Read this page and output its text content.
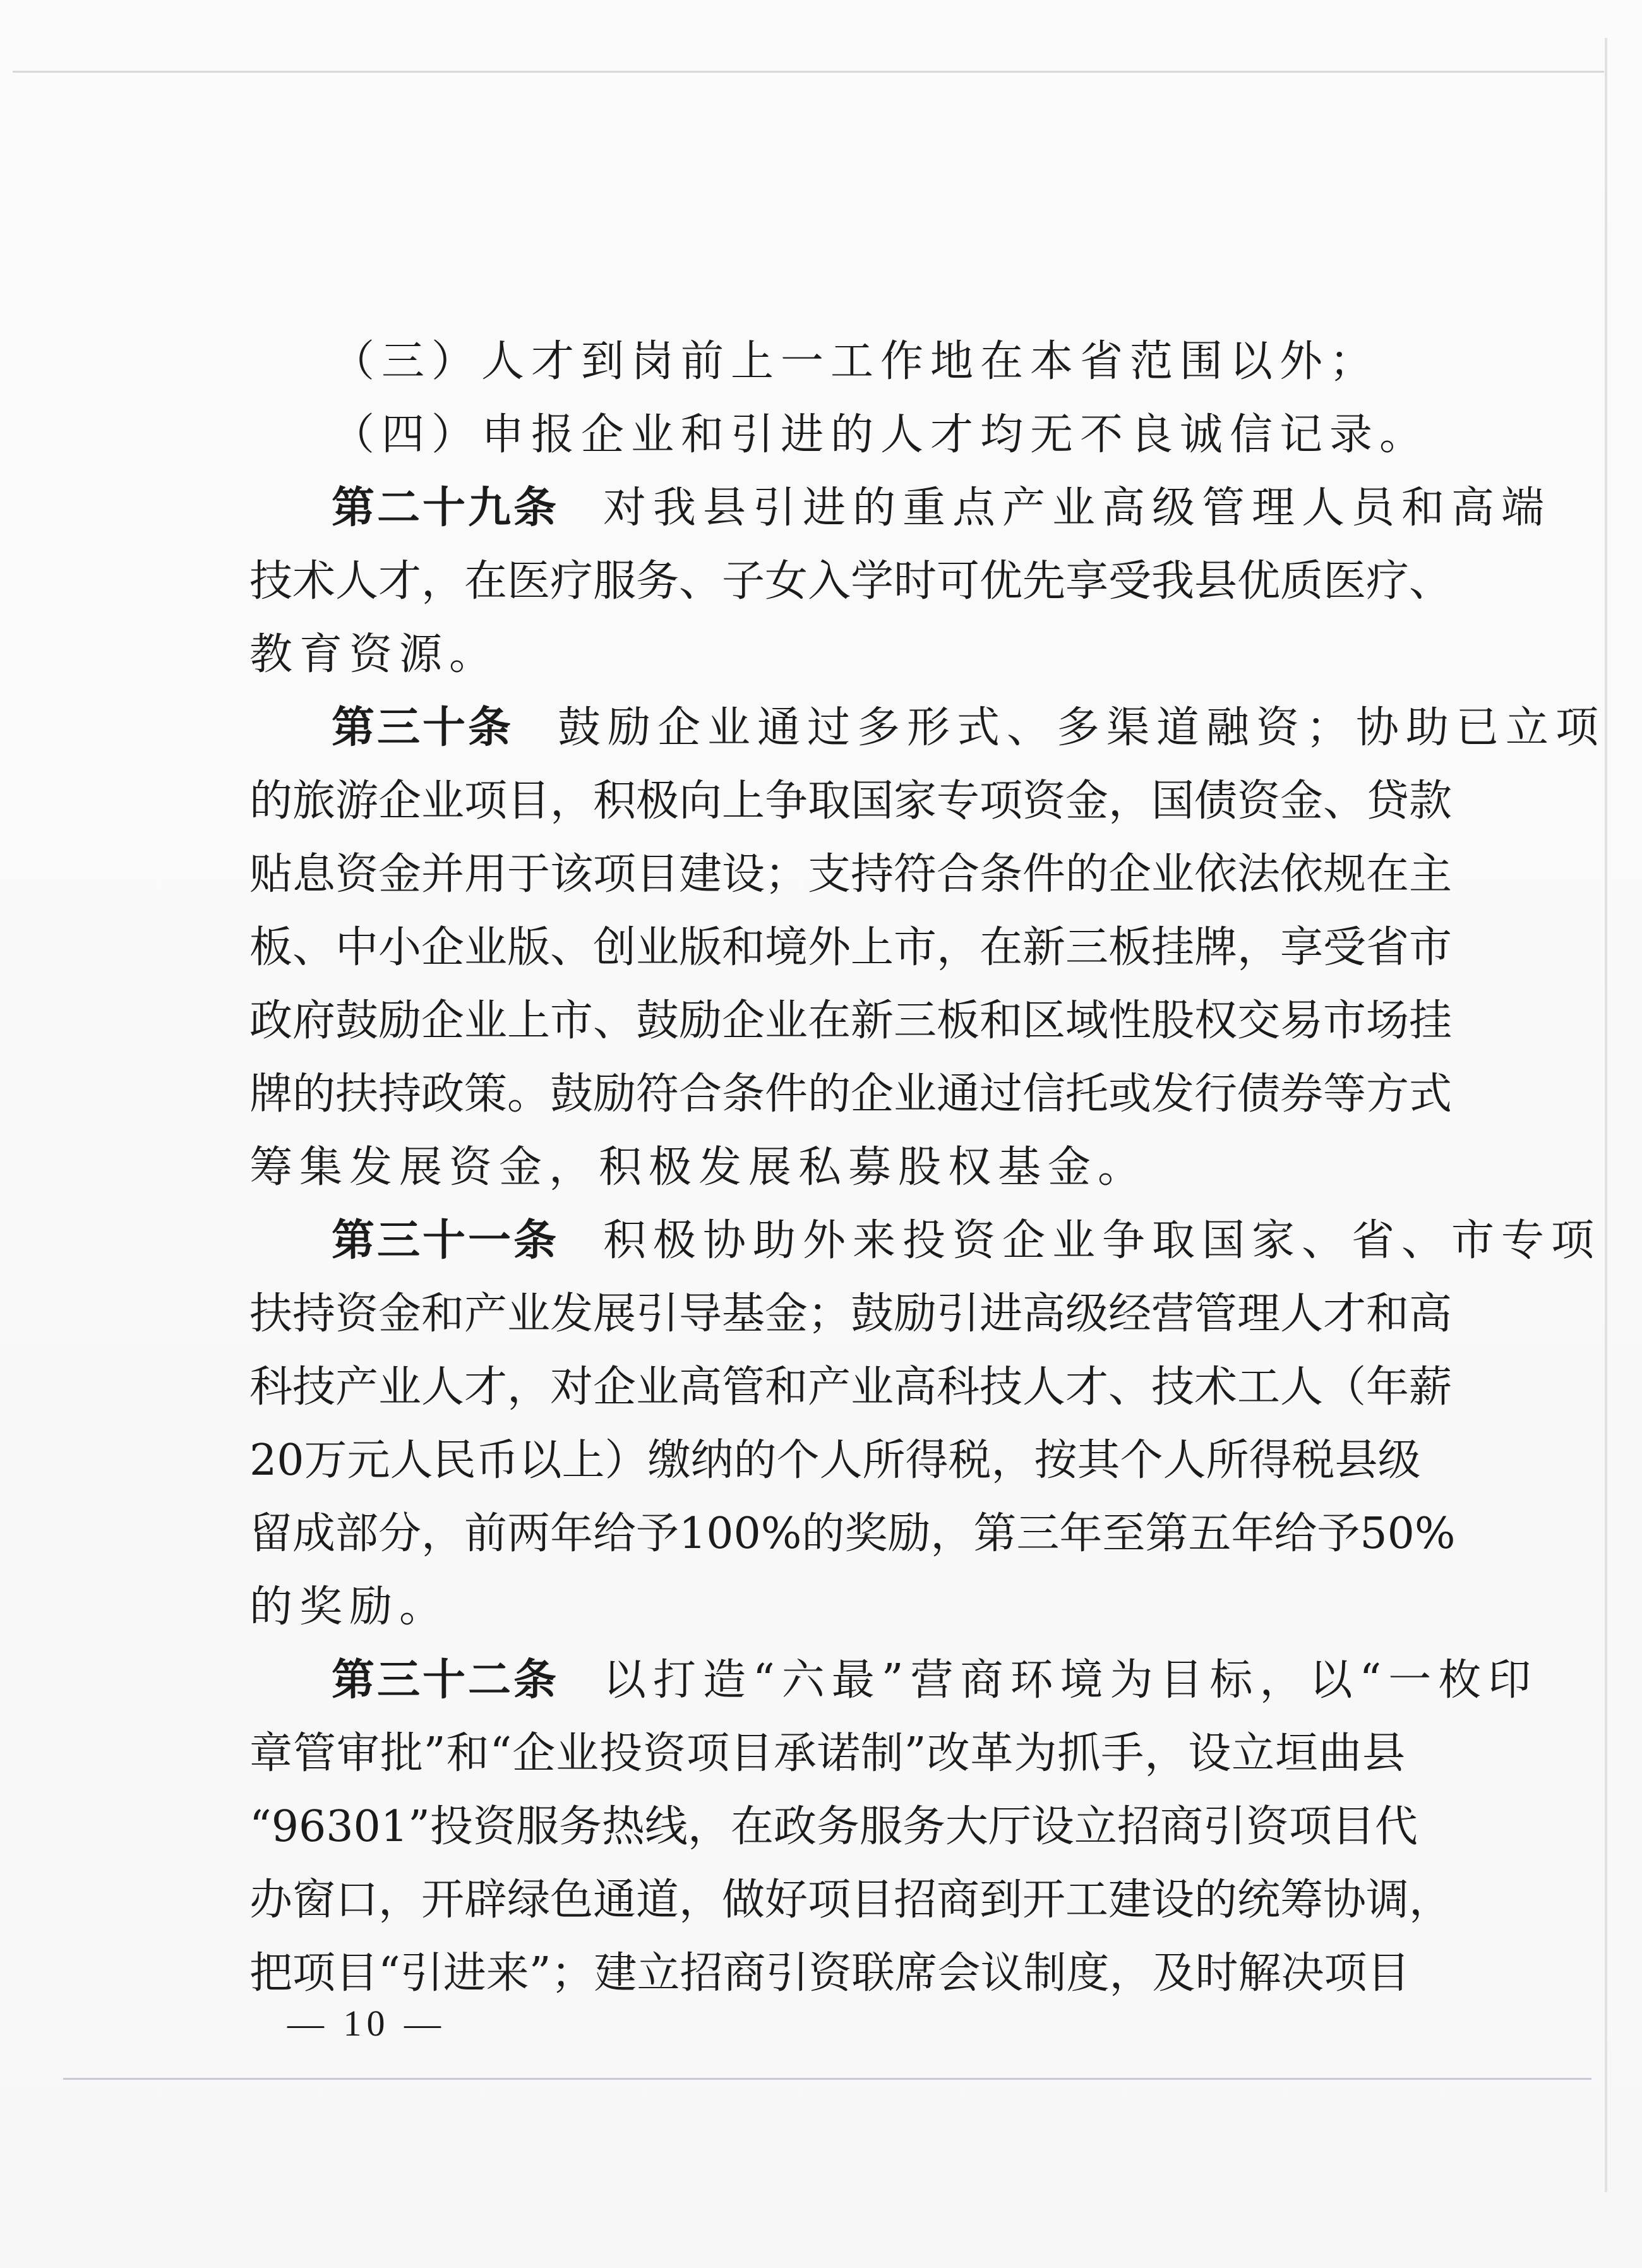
（三）人才到岗前上一工作地在本省范围以外；
（四）申报企业和引进的人才均无不良诚信记录。
第二十九条 对我县引进的重点产业高级管理人员和高端
技术人才，在医疗服务、子女入学时可优先享受我县优质医疗、
教育资源。
第三十条 鼓励企业通过多形式、多渠道融资；协助已立项
的旅游企业项目，积极向上争取国家专项资金，国债资金、贷款
贴息资金并用于该项目建设；支持符合条件的企业依法依规在主
板、中小企业版、创业版和境外上市，在新三板挂牌，享受省市
政府鼓励企业上市、鼓励企业在新三板和区域性股权交易市场挂
牌的扶持政策。鼓励符合条件的企业通过信托或发行债券等方式
筹集发展资金，积极发展私募股权基金。
第三十一条 积极协助外来投资企业争取国家、省、市专项
扶持资金和产业发展引导基金；鼓励引进高级经营管理人才和高
科技产业人才，对企业高管和产业高科技人才、技术工人（年薪
20万元人民币以上）缴纳的个人所得税，按其个人所得税县级
留成部分，前两年给予100%的奖励，第三年至第五年给予50%
的奖励。
第三十二条 以打造“六最”营商环境为目标，以“一枚印
章管审批”和“企业投资项目承诺制”改革为抓手，设立垣曲县
“96301”投资服务热线，在政务服务大厅设立招商引资项目代
办窗口，开辟绿色通道，做好项目招商到开工建设的统筹协调，
把项目“引进来”；建立招商引资联席会议制度，及时解决项目
— 10 —
